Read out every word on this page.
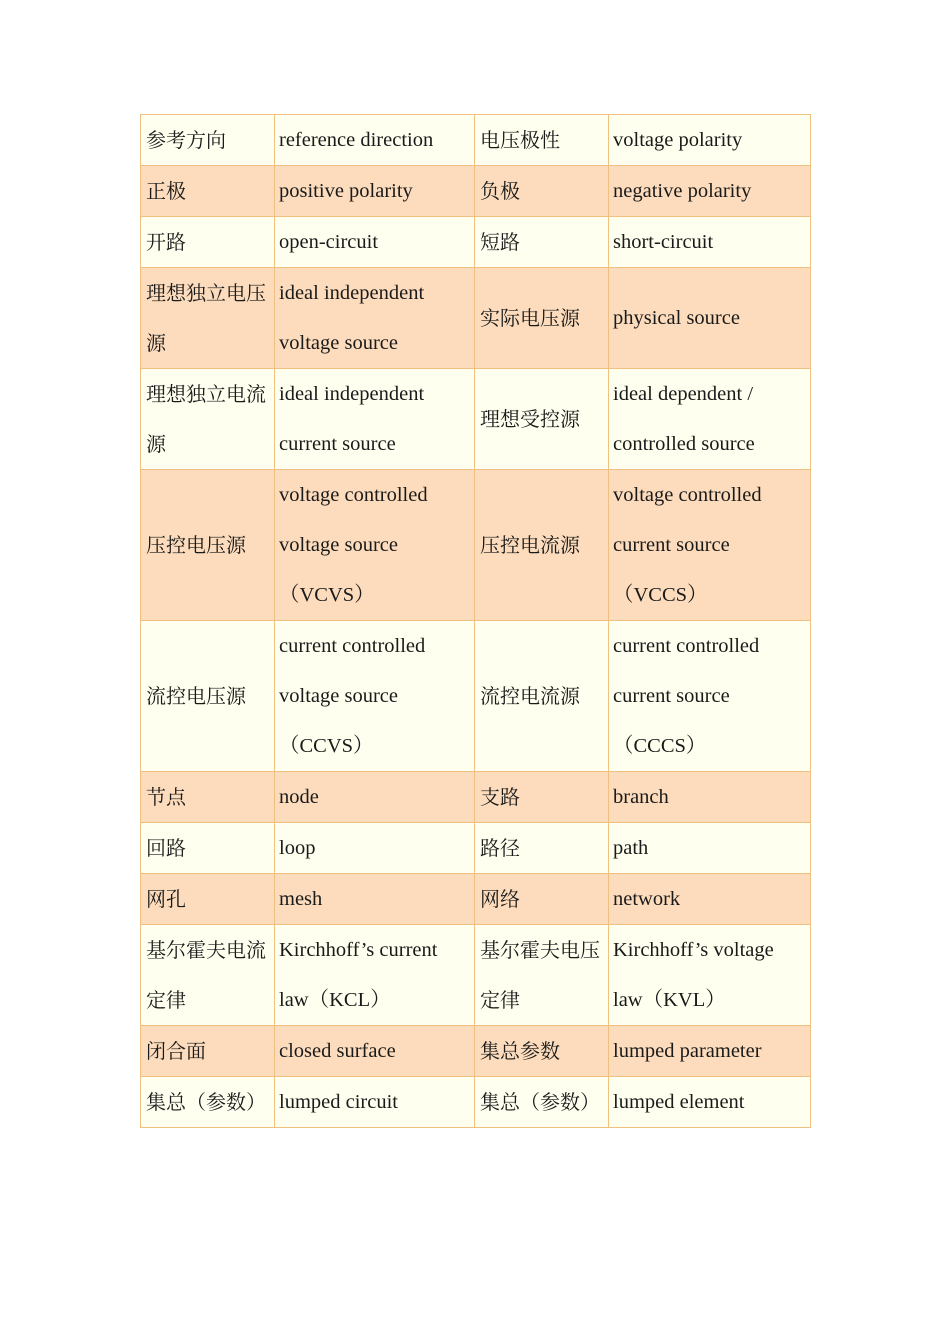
参考方向	reference direction	电压极性	voltage polarity
正极	positive polarity	负极	negative polarity
开路	open-circuit	短路	short-circuit
理想独立电压源	ideal independent voltage source	实际电压源	physical source
理想独立电流源	ideal independent current source	理想受控源	ideal dependent / controlled source
压控电压源	voltage controlled voltage source （VCVS）	压控电流源	voltage controlled current source （VCCS）
流控电压源	current controlled voltage source （CCVS）	流控电流源	current controlled current source （CCCS）
节点	node	支路	branch
回路	loop	路径	path
网孔	mesh	网络	network
基尔霍夫电流定律	Kirchhoff’s current law（KCL）	基尔霍夫电压定律	Kirchhoff’s voltage law（KVL）
闭合面	closed surface	集总参数	lumped parameter

集总（参数）	lumped circuit	集总（参数）	lumped element
